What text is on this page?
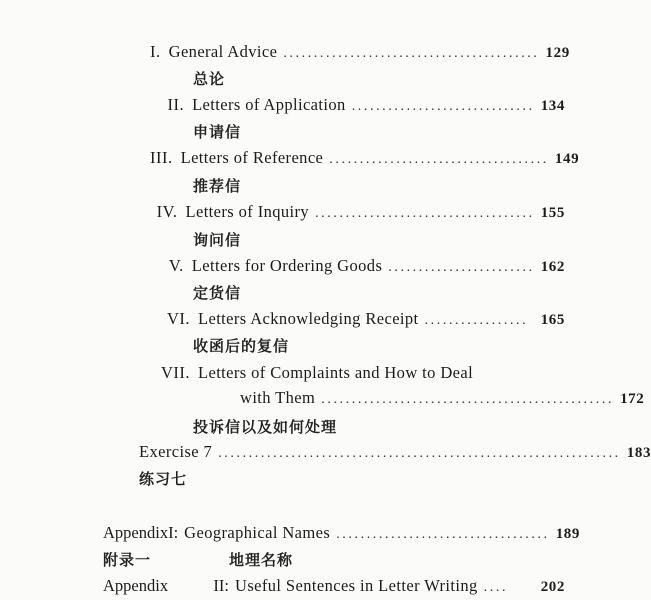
I. General Advice .......................................... 129
总论
II. Letters of Application .............................. 134
申请信
III. Letters of Reference .................................... 149
推荐信
IV. Letters of Inquiry .................................... 155
询问信
V. Letters for Ordering Goods ........................ 162
定货信
VI. Letters Acknowledging Receipt ................. 165
收函后的复信
VII. Letters of Complaints and How to Deal
with Them ................................................ 172
投诉信以及如何处理
Exercise 7 .................................................................. 183
练习七
Appendix I: Geographical Names ................................... 189
附录一	地理名称
Appendix	II: Useful Sentences in Letter Writing ....	202
